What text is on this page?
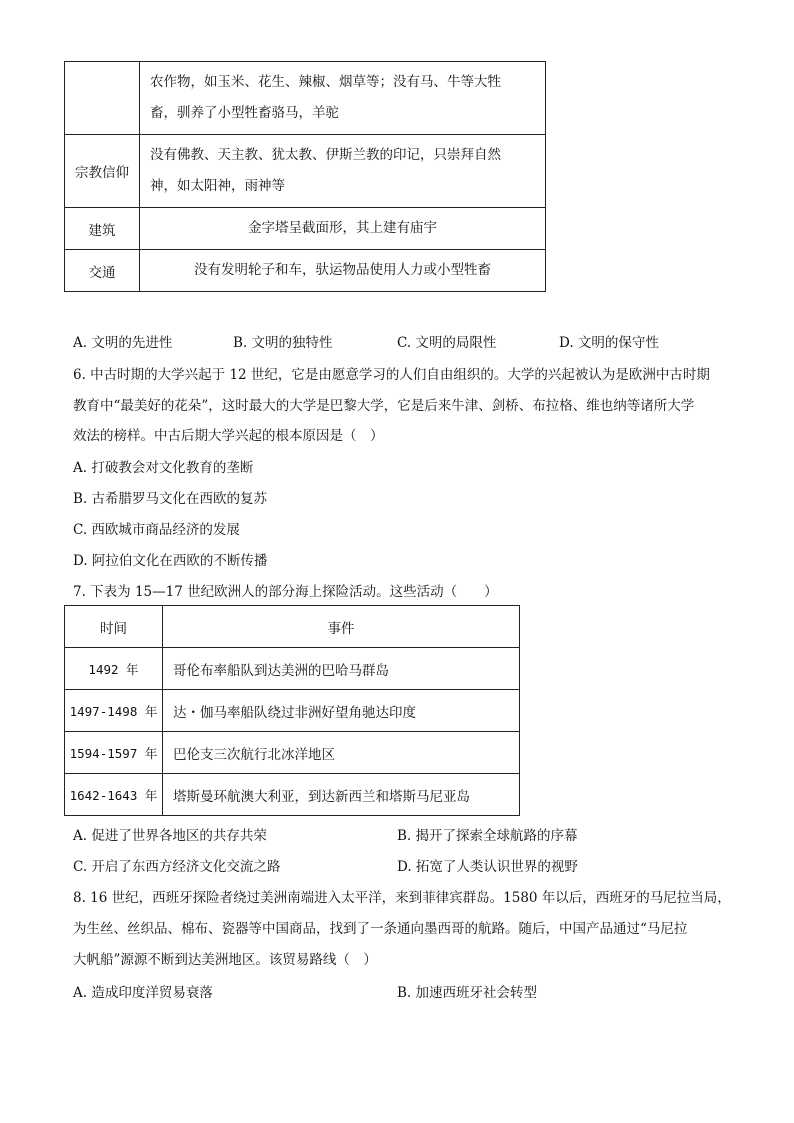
	农作物，如玉米、花生、辣椒、烟草等；没有马、牛等大牲
畜，驯养了小型牲畜骆马，羊驼

宗教信仰	没有佛教、天主教、犹太教、伊斯兰教的印记，只崇拜自然
神，如太阳神，雨神等

建筑	金字塔呈截面形，其上建有庙宇
交通	没有发明轮子和车，驮运物品使用人力或小型牲畜
A. 文明的先进性	B. 文明的独特性	C. 文明的局限性	D. 文明的保守性
6. 中古时期的大学兴起于 12 世纪，它是由愿意学习的人们自由组织的。大学的兴起被认为是欧洲中古时期
教育中“最美好的花朵”，这时最大的大学是巴黎大学，它是后来牛津、剑桥、布拉格、维也纳等诸所大学
效法的榜样。中古后期大学兴起的根本原因是（　）
A. 打破教会对文化教育的垄断
B. 古希腊罗马文化在西欧的复苏
C. 西欧城市商品经济的发展
D. 阿拉伯文化在西欧的不断传播
7. 下表为 15—17 世纪欧洲人的部分海上探险活动。这些活动（　　）
时间	事件
1492 年	哥伦布率船队到达美洲的巴哈马群岛
1497-1498 年	达・伽马率船队绕过非洲好望角驰达印度
1594-1597 年	巴伦支三次航行北冰洋地区
1642-1643 年	塔斯曼环航澳大利亚，到达新西兰和塔斯马尼亚岛
A. 促进了世界各地区的共存共荣	B. 揭开了探索全球航路的序幕
C. 开启了东西方经济文化交流之路	D. 拓宽了人类认识世界的视野
8. 16 世纪，西班牙探险者绕过美洲南端进入太平洋，来到菲律宾群岛。1580 年以后，西班牙的马尼拉当局，
为生丝、丝织品、棉布、瓷器等中国商品，找到了一条通向墨西哥的航路。随后，中国产品通过“马尼拉
大帆船”源源不断到达美洲地区。该贸易路线（　）
A. 造成印度洋贸易衰落	B. 加速西班牙社会转型
